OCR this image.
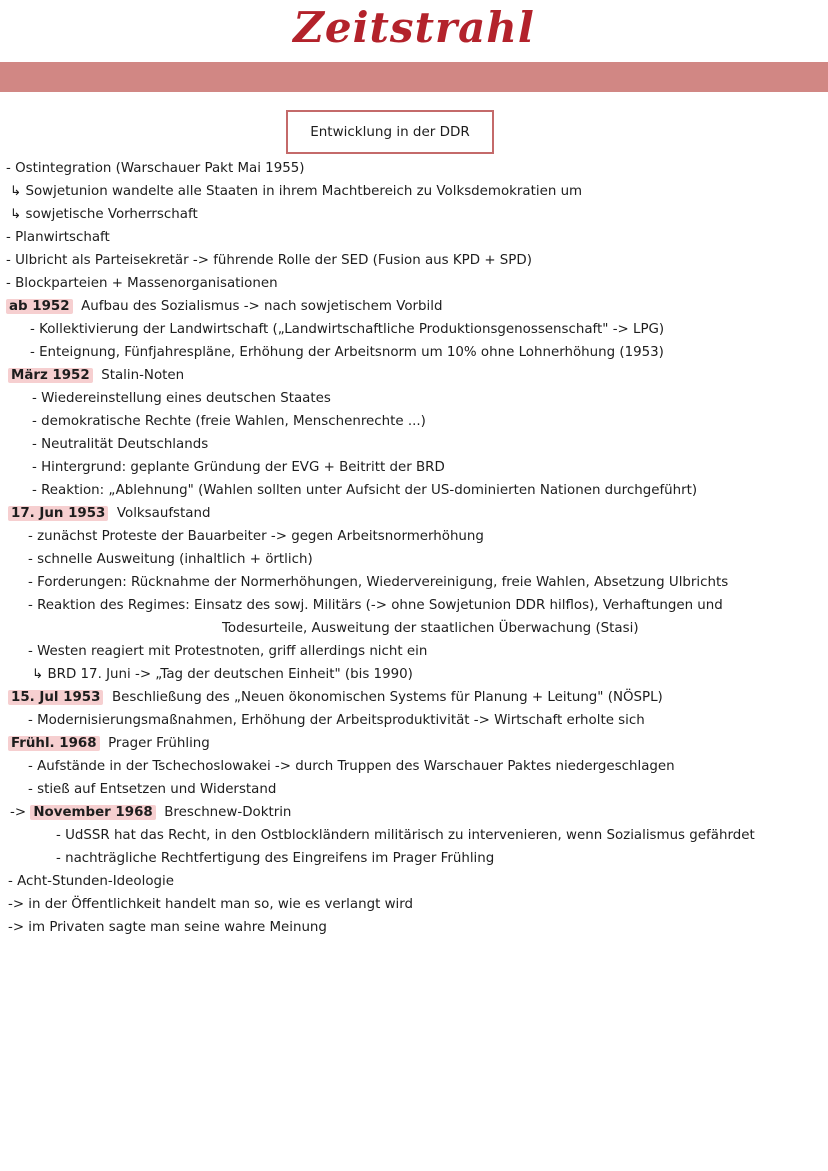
Zeitstrahl
Entwicklung in der DDR
- Ostintegration (Warschauer Pakt Mai 1955)
↳ Sowjetunion wandelte alle Staaten in ihrem Machtbereich zu Volksdemokratien um
↳ sowjetische Vorherrschaft
- Planwirtschaft
- Ulbricht als Parteisekretär -> führende Rolle der SED (Fusion aus KPD + SPD)
- Blockparteien + Massenorganisationen
ab 1952 Aufbau des Sozialismus -> nach sowjetischem Vorbild
- Kollektivierung der Landwirtschaft („Landwirtschaftliche Produktionsgenossenschaft" -> LPG)
- Enteignung, Fünfjahrespläne, Erhöhung der Arbeitsnorm um 10% ohne Lohnerhöhung (1953)
März 1952 Stalin-Noten
- Wiedereinstellung eines deutschen Staates
- demokratische Rechte (freie Wahlen, Menschenrechte ...)
- Neutralität Deutschlands
- Hintergrund: geplante Gründung der EVG + Beitritt der BRD
- Reaktion: „Ablehnung" (Wahlen sollten unter Aufsicht der US-dominierten Nationen durchgeführt)
17. Jun 1953 Volksaufstand
- zunächst Proteste der Bauarbeiter -> gegen Arbeitsnormerhöhung
- schnelle Ausweitung (inhaltlich + örtlich)
- Forderungen: Rücknahme der Normerhöhungen, Wiedervereinigung, freie Wahlen, Absetzung Ulbrichts
- Reaktion des Regimes: Einsatz des sowj. Militärs (-> ohne Sowjetunion DDR hilflos), Verhaftungen und
Todesurteile, Ausweitung der staatlichen Überwachung (Stasi)
- Westen reagiert mit Protestnoten, griff allerdings nicht ein
↳ BRD 17. Juni -> „Tag der deutschen Einheit" (bis 1990)
15. Jul 1953 Beschließung des „Neuen ökonomischen Systems für Planung + Leitung" (NÖSPL)
- Modernisierungsmaßnahmen, Erhöhung der Arbeitsproduktivität -> Wirtschaft erholte sich
Frühl. 1968 Prager Frühling
- Aufstände in der Tschechoslowakei -> durch Truppen des Warschauer Paktes niedergeschlagen
- stieß auf Entsetzen und Widerstand
-> November 1968 Breschnew-Doktrin
- UdSSR hat das Recht, in den Ostblockländern militärisch zu intervenieren, wenn Sozialismus gefährdet
- nachträgliche Rechtfertigung des Eingreifens im Prager Frühling
- Acht-Stunden-Ideologie
-> in der Öffentlichkeit handelt man so, wie es verlangt wird
-> im Privaten sagte man seine wahre Meinung
